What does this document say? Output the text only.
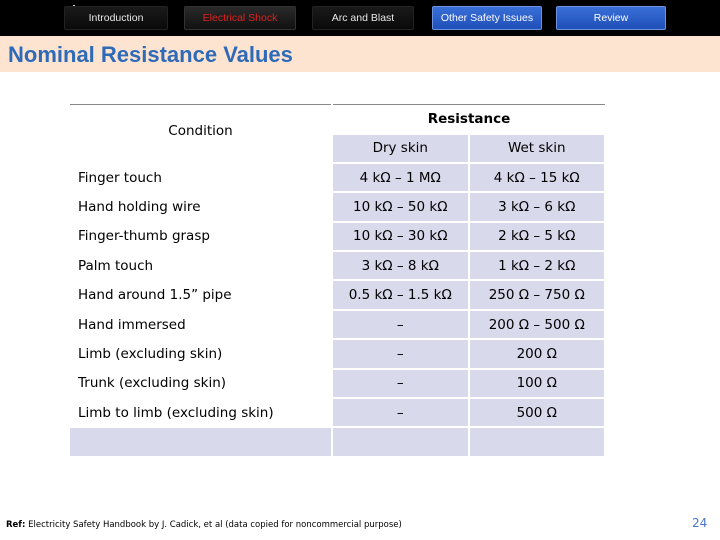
Introduction	Electrical Shock	Arc and Blast	Other Safety Issues	Review
Nominal Resistance Values
Condition	Resistance	
	Dry skin	Wet skin
Finger touch	4 kΩ – 1 MΩ	4 kΩ – 15 kΩ
Hand holding wire	10 kΩ – 50 kΩ	3 kΩ – 6 kΩ
Finger-thumb grasp	10 kΩ – 30 kΩ	2 kΩ – 5 kΩ
Palm touch	3 kΩ – 8 kΩ	1 kΩ – 2 kΩ
Hand around 1.5” pipe	0.5 kΩ – 1.5 kΩ	250 Ω – 750 Ω
Hand immersed	–	200 Ω – 500 Ω
Limb (excluding skin)	–	200 Ω
Trunk (excluding skin)	–	100 Ω
Limb to limb (excluding skin)	–	500 Ω

Ref: Electricity Safety Handbook by J. Cadick, et al (data copied for noncommercial purpose)	24
